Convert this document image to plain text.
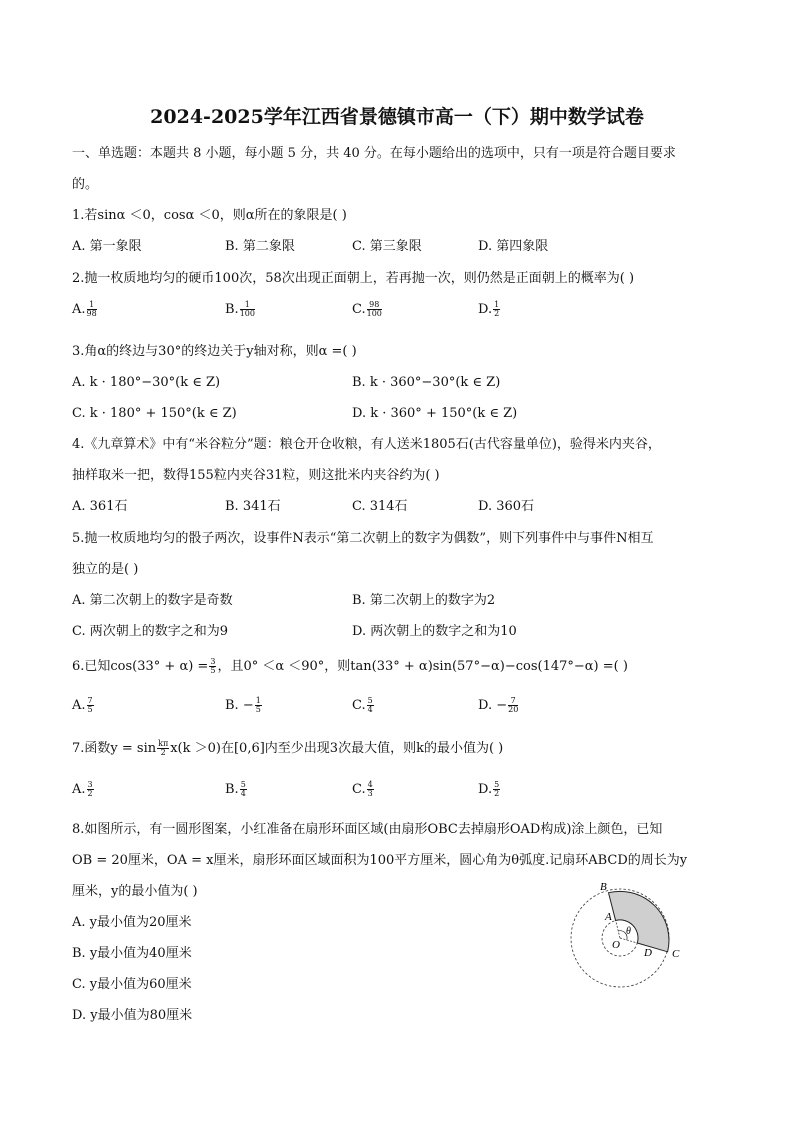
2024-2025学年江西省景德镇市高一（下）期中数学试卷
一、单选题：本题共 8 小题，每小题 5 分，共 40 分。在每小题给出的选项中，只有一项是符合题目要求
的。
1.若sinα ＜0，cosα ＜0，则α所在的象限是( )
A. 第一象限	B. 第二象限	C. 第三象限	D. 第四象限
2.抛一枚质地均匀的硬币100次，58次出现正面朝上，若再抛一次，则仍然是正面朝上的概率为( )
A. $\frac{1}{98}$	B. $\frac{1}{100}$	C. $\frac{98}{100}$	D. $\frac{1}{2}$
3.角α的终边与30°的终边关于y轴对称，则α =( )
A. k · 180°−30°(k ∈ Z)	B. k · 360°−30°(k ∈ Z)
C. k · 180° + 150°(k ∈ Z)	D. k · 360° + 150°(k ∈ Z)
4.《九章算术》中有“米谷粒分”题：粮仓开仓收粮，有人送米1805石(古代容量单位)，验得米内夹谷，
抽样取米一把，数得155粒内夹谷31粒，则这批米内夹谷约为( )
A. 361石	B. 341石	C. 314石	D. 360石
5.抛一枚质地均匀的骰子两次，设事件N表示“第二次朝上的数字为偶数”，则下列事件中与事件N相互
独立的是( )
A. 第二次朝上的数字是奇数	B. 第二次朝上的数字为2
C. 两次朝上的数字之和为9	D. 两次朝上的数字之和为10
6.已知$\cos(33^\circ + \alpha) = \frac{3}{5}$ ，且0° ＜α ＜90°，则tan(33° + α)sin(57°−α)−cos(147°−α) =( )
A. $\frac{7}{5}$	B. − $\frac{1}{5}$	C. $\frac{5}{4}$	D. − $\frac{7}{20}$
7.函数$y = \sin \frac{k\pi}{2} x(k >0)$在[0,6]内至少出现3次最大值，则k的最小值为( )
A. $\frac{3}{2}$	B. $\frac{5}{4}$	C. $\frac{4}{3}$	D. $\frac{5}{2}$
8.如图所示，有一圆形图案，小红准备在扇形环面区域(由扇形OBC去掉扇形OAD构成)涂上颜色，已知
OB = 20厘米，OA = x厘米，扇形环面区域面积为100平方厘米，圆心角为θ弧度.记扇环ABCD的周长为y
厘米，y的最小值为( )
A. y最小值为20厘米
B. y最小值为40厘米
C. y最小值为60厘米
D. y最小值为80厘米
B
A
θ
O
D C
